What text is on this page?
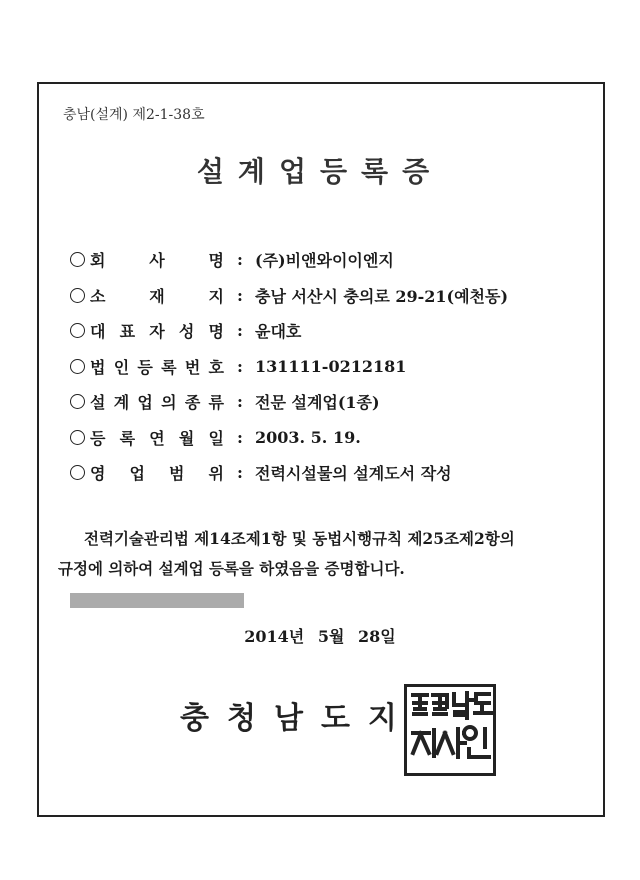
충남(설계) 제2-1-38호
설계업등록증
회	사	명 : (주)비앤와이이엔지
소	재	지 : 충남 서산시 충의로 29-21(예천동)
대 표 자 성 명 : 윤대호
법 인 등 록 번 호 : 131111-0212181
설 계 업 의 종 류 : 전문 설계업(1종)
등 록 연 월 일 : 2003. 5. 19.
영 업 범 위 : 전력시설물의 설계도서 작성
전력기술관리법 제14조제1항 및 동법시행규칙 제25조제2항의
규정에 의하여 설계업 등록을 하였음을 증명합니다.
2014년 5월 28일
충청남도지
